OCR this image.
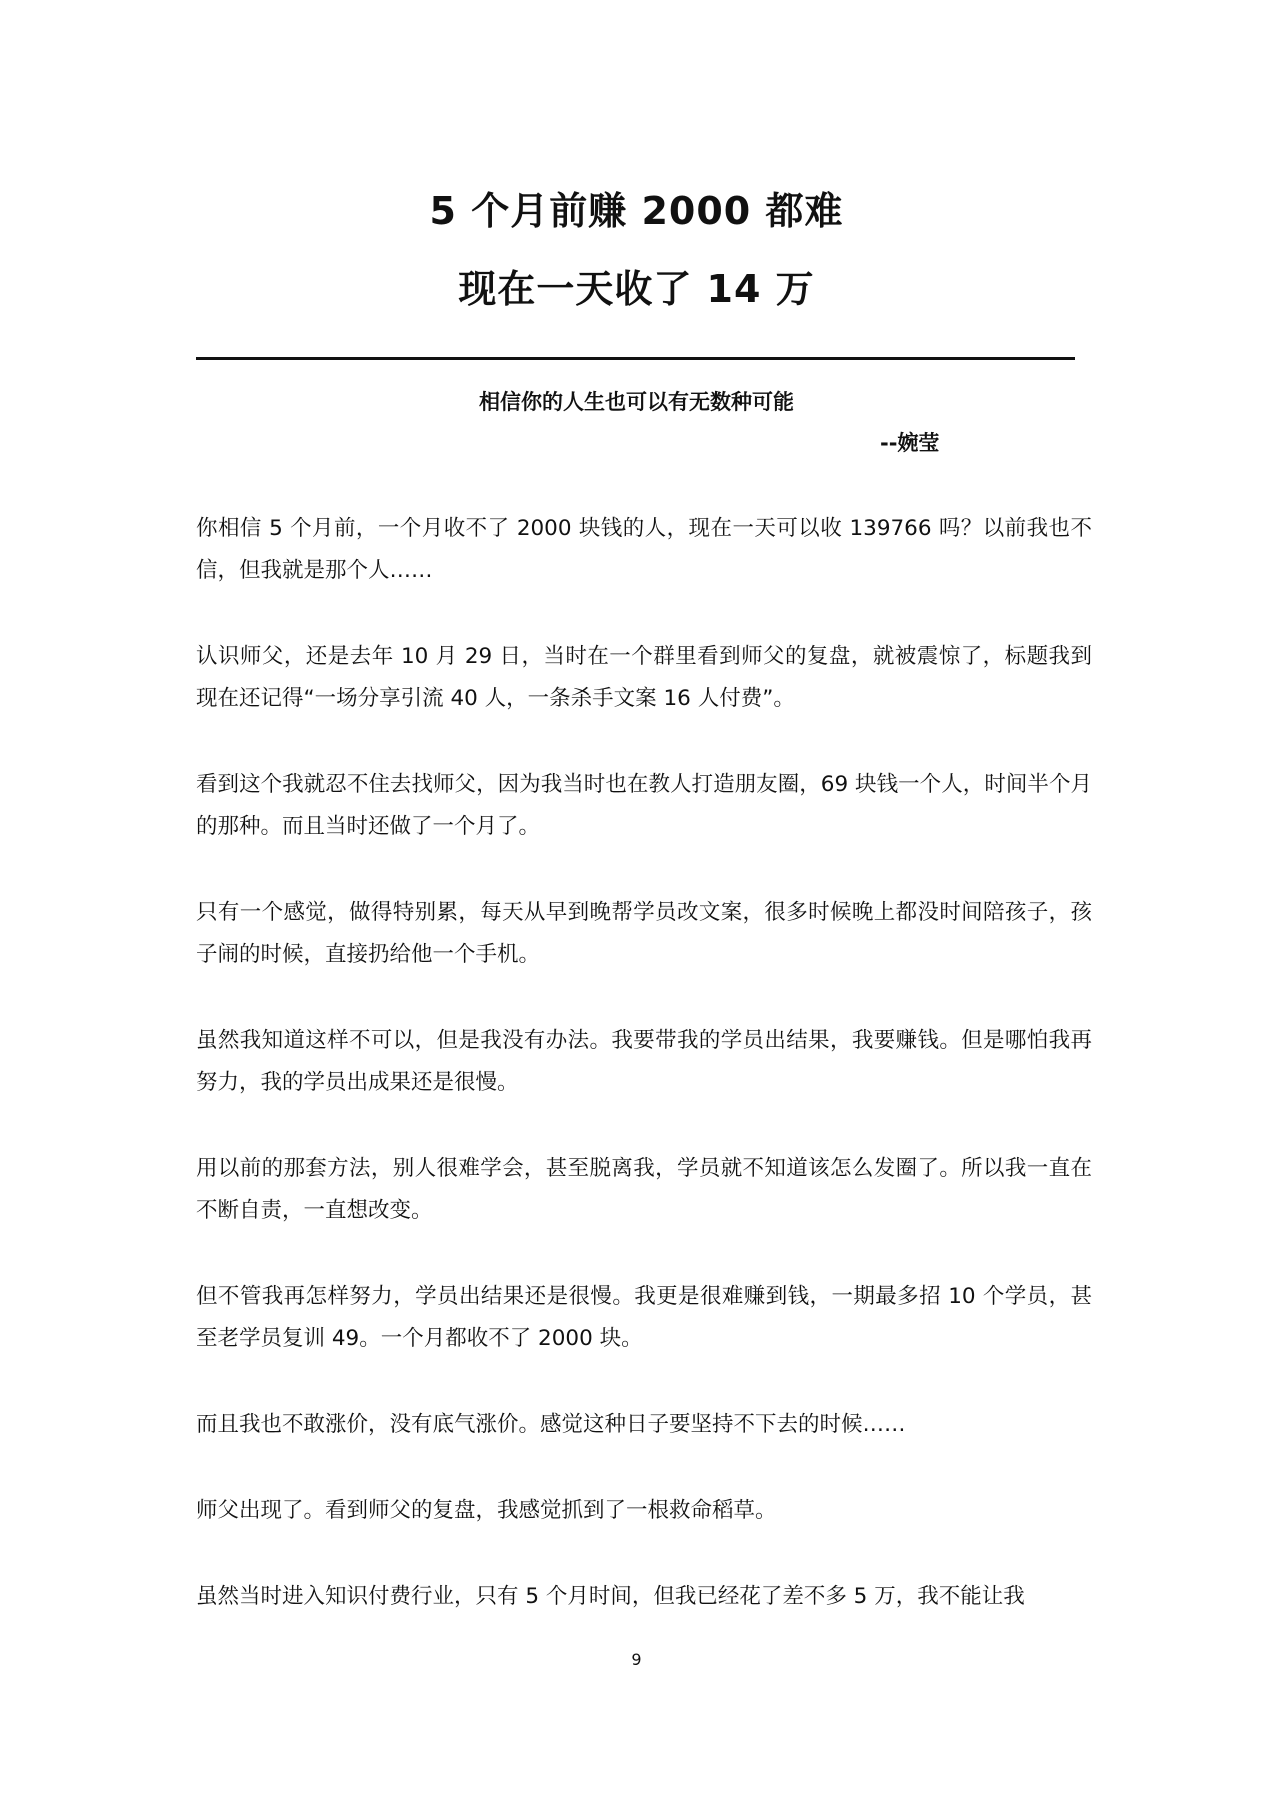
5 个月前赚 2000 都难
现在一天收了 14 万

相信你的人生也可以有无数种可能

--婉莹

你相信 5 个月前，一个月收不了 2000 块钱的人，现在一天可以收 139766 吗？以前我也不信，但我就是那个人……

认识师父，还是去年 10 月 29 日，当时在一个群里看到师父的复盘，就被震惊了，标题我到现在还记得“一场分享引流 40 人，一条杀手文案 16 人付费”。

看到这个我就忍不住去找师父，因为我当时也在教人打造朋友圈，69 块钱一个人，时间半个月的那种。而且当时还做了一个月了。

只有一个感觉，做得特别累，每天从早到晚帮学员改文案，很多时候晚上都没时间陪孩子，孩子闹的时候，直接扔给他一个手机。

虽然我知道这样不可以，但是我没有办法。我要带我的学员出结果，我要赚钱。但是哪怕我再努力，我的学员出成果还是很慢。

用以前的那套方法，别人很难学会，甚至脱离我，学员就不知道该怎么发圈了。所以我一直在不断自责，一直想改变。

但不管我再怎样努力，学员出结果还是很慢。我更是很难赚到钱，一期最多招 10 个学员，甚至老学员复训 49。一个月都收不了 2000 块。

而且我也不敢涨价，没有底气涨价。感觉这种日子要坚持不下去的时候……

师父出现了。看到师父的复盘，我感觉抓到了一根救命稻草。

虽然当时进入知识付费行业，只有 5 个月时间，但我已经花了差不多 5 万，我不能让我

9
